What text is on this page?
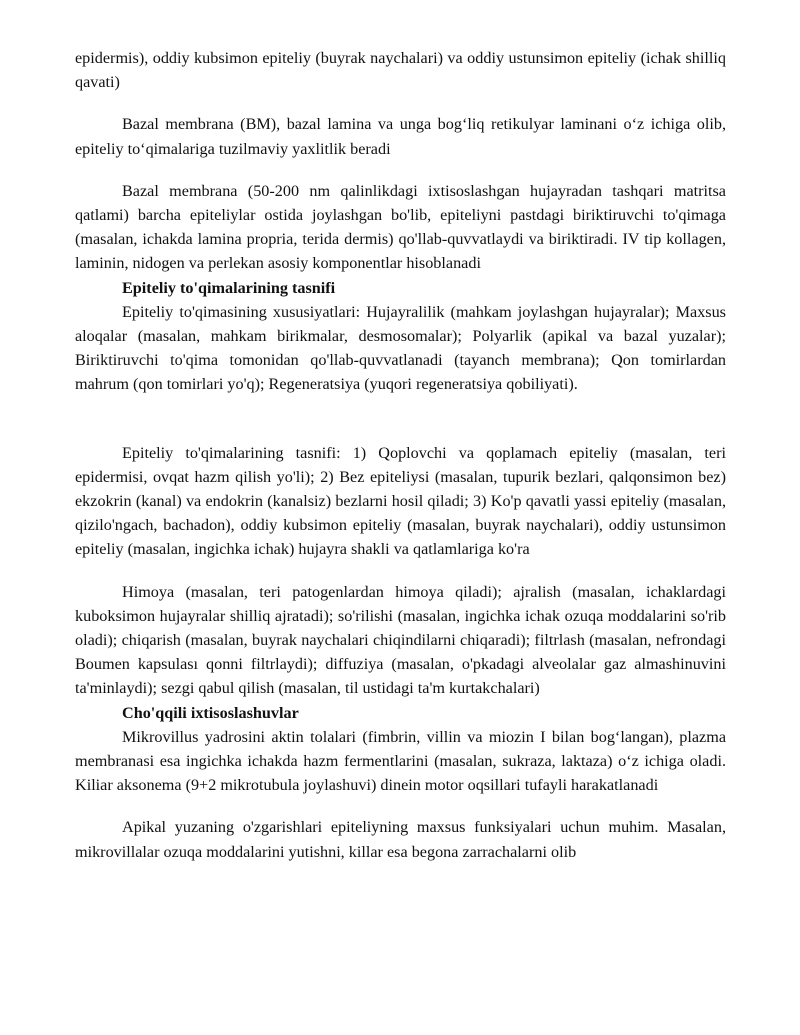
epidermis), oddiy kubsimon epiteliy (buyrak naychalari) va oddiy ustunsimon epiteliy (ichak shilliq qavati)

Bazal membrana (BM), bazal lamina va unga bog‘liq retikulyar laminani o‘z ichiga olib, epiteliy to‘qimalariga tuzilmaviy yaxlitlik beradi

Bazal membrana (50-200 nm qalinlikdagi ixtisoslashgan hujayradan tashqari matritsa qatlami) barcha epiteliylar ostida joylashgan bo'lib, epiteliyni pastdagi biriktiruvchi to'qimaga (masalan, ichakda lamina propria, terida dermis) qo'llab-quvvatlaydi va biriktiradi. IV tip kollagen, laminin, nidogen va perlekan asosiy komponentlar hisoblanadi

Epiteliy to'qimalarining tasnifi

Epiteliy to'qimasining xususiyatlari: Hujayralilik (mahkam joylashgan hujayralar); Maxsus aloqalar (masalan, mahkam birikmalar, desmosomalar); Polyarlik (apikal va bazal yuzalar); Biriktiruvchi to'qima tomonidan qo'llab-quvvatlanadi (tayanch membrana); Qon tomirlardan mahrum (qon tomirlari yo'q); Regeneratsiya (yuqori regeneratsiya qobiliyati).

Epiteliy to'qimalarining tasnifi: 1) Qoplovchi va qoplamach epiteliy (masalan, teri epidermisi, ovqat hazm qilish yo'li); 2) Bez epiteliysi (masalan, tupurik bezlari, qalqonsimon bez) ekzokrin (kanal) va endokrin (kanalsiz) bezlarni hosil qiladi; 3) Ko'p qavatli yassi epiteliy (masalan, qizilo'ngach, bachadon), oddiy kubsimon epiteliy (masalan, buyrak naychalari), oddiy ustunsimon epiteliy (masalan, ingichka ichak) hujayra shakli va qatlamlariga ko'ra

Himoya (masalan, teri patogenlardan himoya qiladi); ajralish (masalan, ichaklardagi kuboksimon hujayralar shilliq ajratadi); so'rilishi (masalan, ingichka ichak ozuqa moddalarini so'rib oladi); chiqarish (masalan, buyrak naychalari chiqindilarni chiqaradi); filtrlash (masalan, nefrondagi Boumen kapsulası qonni filtrlaydi); diffuziya (masalan, o'pkadagi alveolalar gaz almashinuvini ta'minlaydi); sezgi qabul qilish (masalan, til ustidagi ta'm kurtakchalari)

Cho'qqili ixtisoslashuvlar

Mikrovillus yadrosini aktin tolalari (fimbrin, villin va miozin I bilan bog‘langan), plazma membranasi esa ingichka ichakda hazm fermentlarini (masalan, sukraza, laktaza) o‘z ichiga oladi. Kiliar aksonema (9+2 mikrotubula joylashuvi) dinein motor oqsillari tufayli harakatlanadi

Apikal yuzaning o'zgarishlari epiteliyning maxsus funksiyalari uchun muhim. Masalan, mikrovillalar ozuqa moddalarini yutishni, killar esa begona zarrachalarni olib
